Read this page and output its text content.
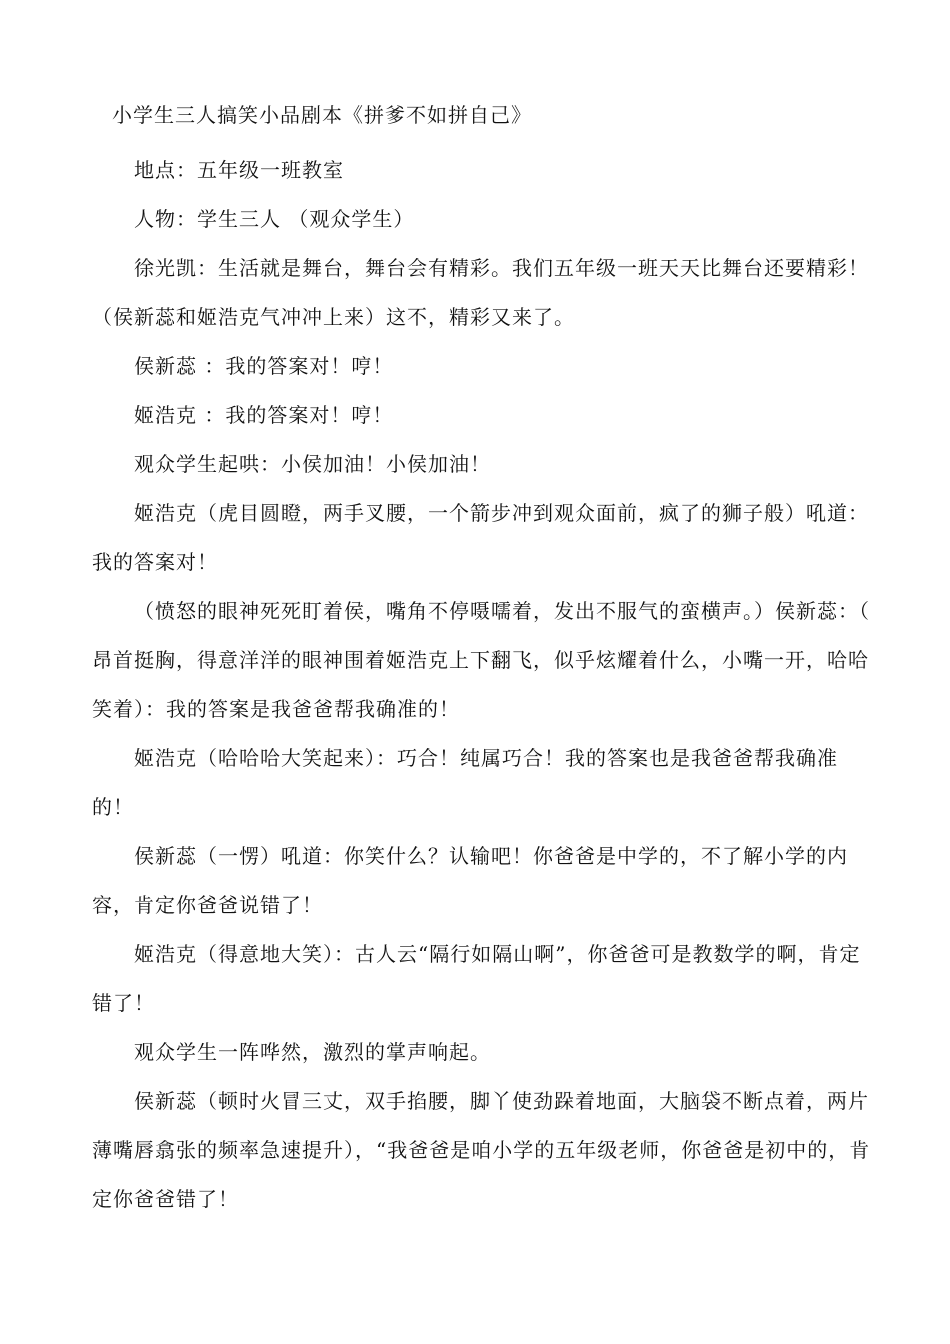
小学生三人搞笑小品剧本《拼爹不如拼自己》

地点：五年级一班教室

人物：学生三人 （观众学生）

徐光凯：生活就是舞台，舞台会有精彩。我们五年级一班天天比舞台还要精彩！（侯新蕊和姬浩克气冲冲上来）这不，精彩又来了。

侯新蕊 ：我的答案对！哼！

姬浩克 ：我的答案对！哼！

观众学生起哄：小侯加油！小侯加油！

姬浩克（虎目圆瞪，两手叉腰，一个箭步冲到观众面前，疯了的狮子般）吼道：我的答案对！

（愤怒的眼神死死盯着侯，嘴角不停嗫嚅着，发出不服气的蛮横声。）侯新蕊：（ 昂首挺胸，得意洋洋的眼神围着姬浩克上下翻飞，似乎炫耀着什么，小嘴一开，哈哈笑着）：我的答案是我爸爸帮我确准的！

姬浩克（哈哈哈大笑起来）：巧合！纯属巧合！我的答案也是我爸爸帮我确准的！

侯新蕊（一愣）吼道：你笑什么？认输吧！你爸爸是中学的，不了解小学的内容，肯定你爸爸说错了！

姬浩克（得意地大笑）：古人云“隔行如隔山啊”，你爸爸可是教数学的啊，肯定错了！

观众学生一阵哗然，激烈的掌声响起。

侯新蕊（顿时火冒三丈，双手掐腰，脚丫使劲跺着地面，大脑袋不断点着，两片薄嘴唇翕张的频率急速提升），“我爸爸是咱小学的五年级老师，你爸爸是初中的，肯定你爸爸错了！
